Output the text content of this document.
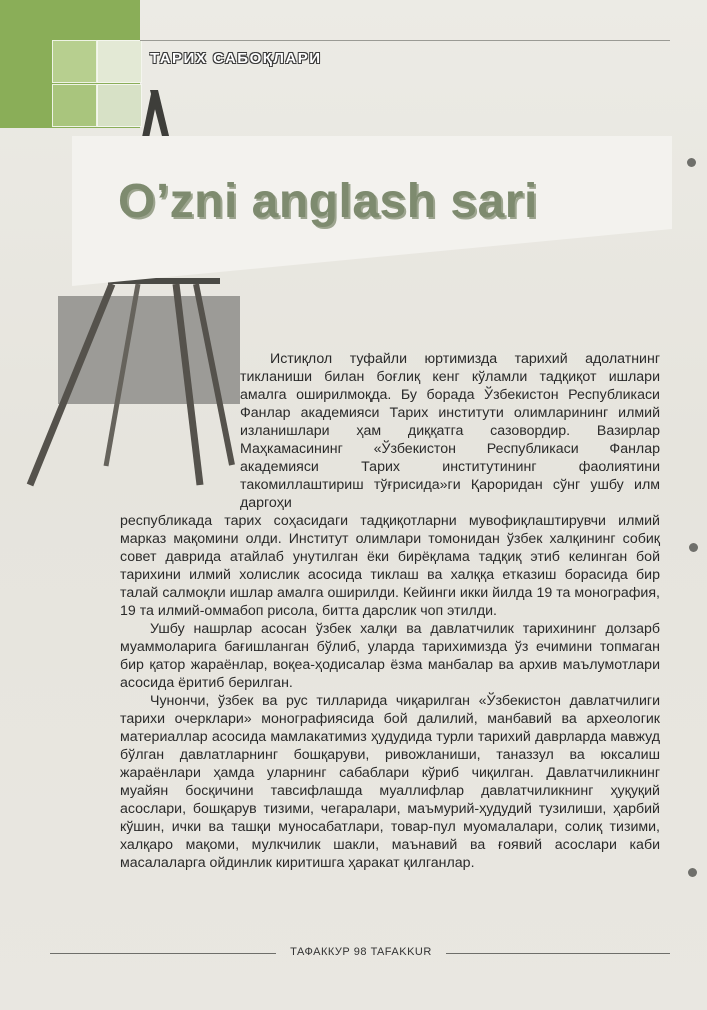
ТАРИХ САБОҚЛАРИ
O’zni anglash sari

Истиқлол туфайли юртимизда тарихий адолатнинг тикланиши билан боғлиқ кенг кўламли тадқиқот ишлари амалга оширилмоқда. Бу борада Ўзбекистон Республикаси Фанлар академияси Тарих институти олимларининг илмий изланишлари ҳам диққатга сазовордир. Вазирлар Маҳкамасининг «Ўзбекистон Республикаси Фанлар академияси Тарих институтининг фаолиятини такомиллаштириш тўғрисида»ги Қароридан сўнг ушбу илм даргоҳи

республикада тарих соҳасидаги тадқиқотларни мувофиқлаштирувчи илмий марказ мақомини олди. Институт олимлари томонидан ўзбек халқининг собиқ совет даврида атайлаб унутилган ёки бирёқлама тадқиқ этиб келинган бой тарихини илмий холислик асосида тиклаш ва халққа етказиш борасида бир талай салмоқли ишлар амалга оширилди. Кейинги икки йилда 19 та монография, 19 та илмий-оммабоп рисола, битта дарслик чоп этилди.

Ушбу нашрлар асосан ўзбек халқи ва давлатчилик тарихининг долзарб муаммоларига бағишланган бўлиб, уларда тарихимизда ўз ечимини топмаган бир қатор жараёнлар, воқеа-ҳодисалар ёзма манбалар ва архив маълумотлари асосида ёритиб берилган.

Чунончи, ўзбек ва рус тилларида чиқарилган «Ўзбекистон давлатчилиги тарихи очерклари» монографиясида бой далилий, манбавий ва археологик материаллар асосида мамлакатимиз ҳудудида турли тарихий даврларда мавжуд бўлган давлатларнинг бошқаруви, ривожланиши, таназзул ва юксалиш жараёнлари ҳамда уларнинг сабаблари кўриб чиқилган. Давлатчиликнинг муайян босқичини тавсифлашда муаллифлар давлатчиликнинг ҳуқуқий асослари, бошқарув тизими, чегаралари, маъмурий-ҳудудий тузилиши, ҳарбий кўшин, ички ва ташқи муносабатлари, товар-пул муомалалари, солиқ тизими, халқаро мақоми, мулкчилик шакли, маънавий ва ғоявий асослари каби масалаларга ойдинлик киритишга ҳаракат қилганлар.

ТАФАККУР 98 TAFAKKUR
